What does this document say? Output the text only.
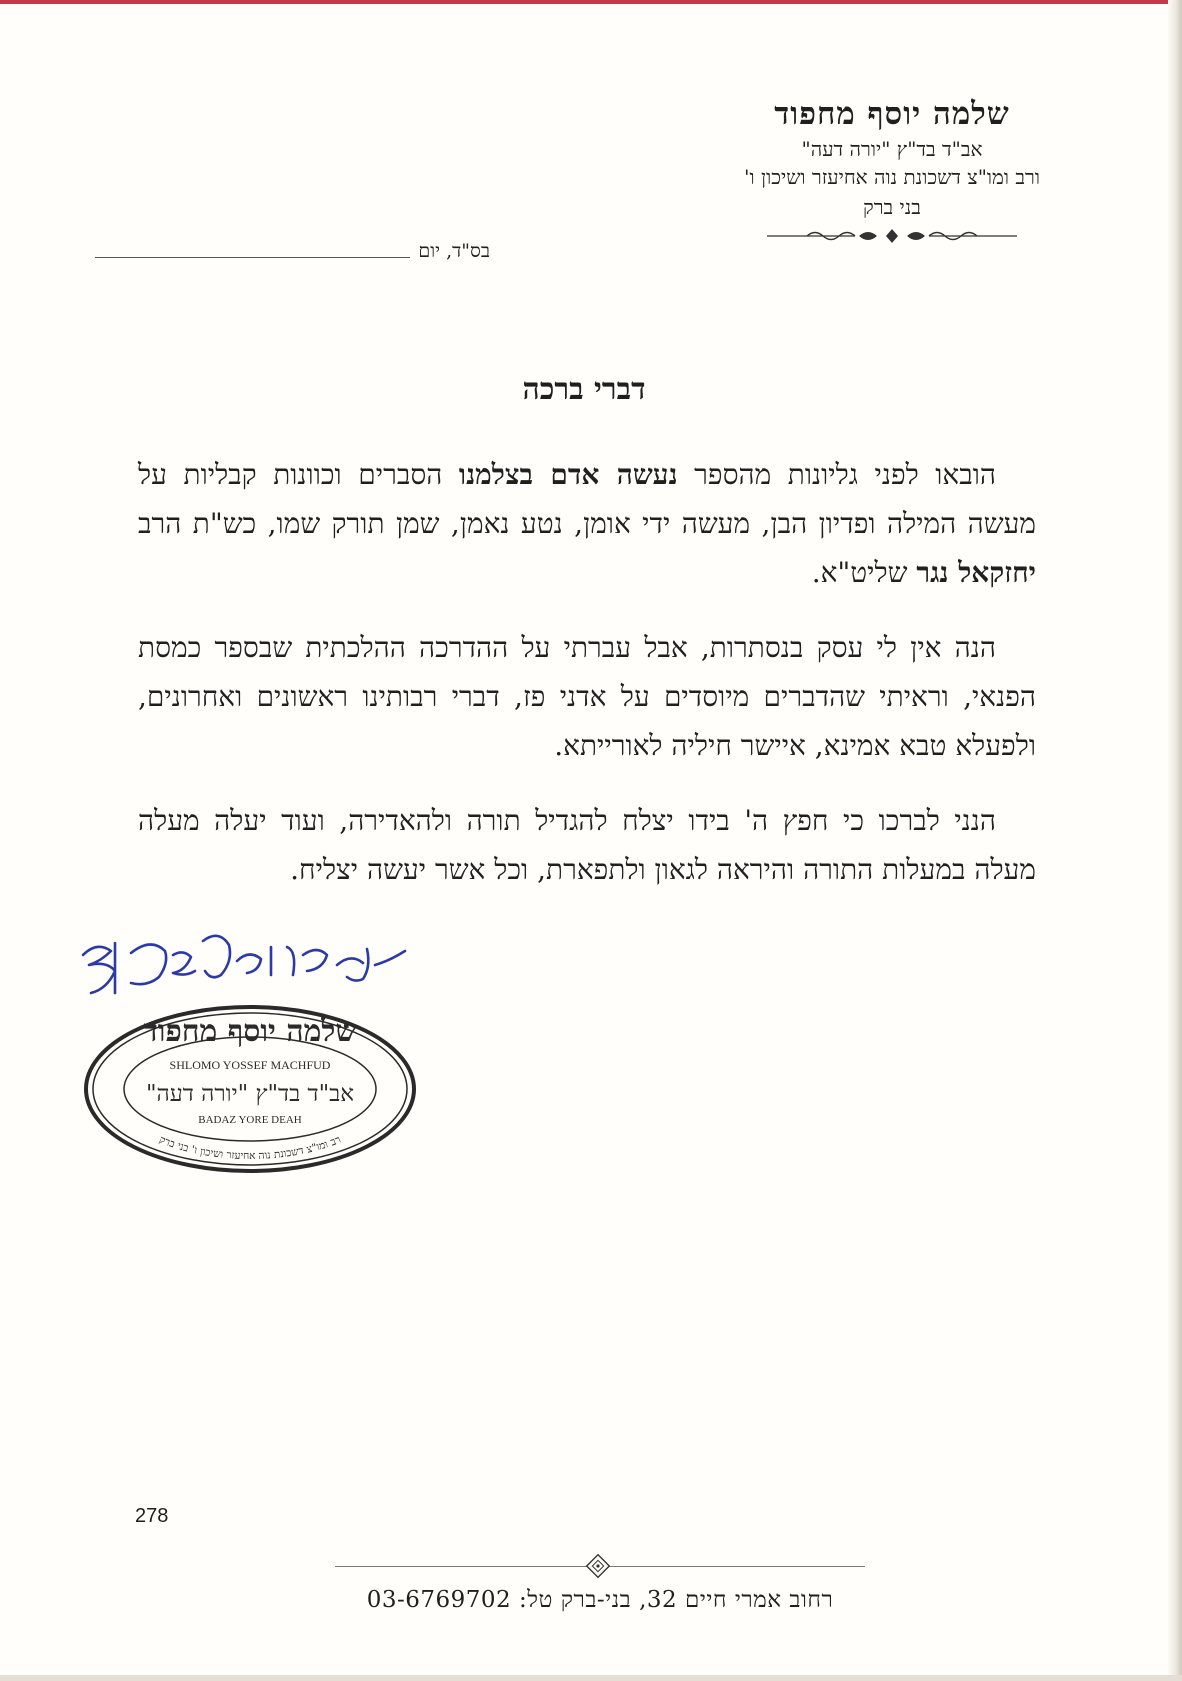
שלמה יוסף מחפוד

אב"ד בד"ץ "יורה דעה"

ורב ומו"צ דשכונת נוה אחיעזר ושיכון ו'

בני ברק

בס"ד, יום
דברי ברכה

הובאו לפני גליונות מהספר נעשה אדם בצלמנו הסברים וכוונות קבליות על מעשה המילה ופדיון הבן, מעשה ידי אומן, נטע נאמן, שמן תורק שמו, כש"ת הרב יחזקאל נגר שליט"א.

הנה אין לי עסק בנסתרות, אבל עברתי על ההדרכה ההלכתית שבספר כמסת הפנאי, וראיתי שהדברים מיוסדים על אדני פז, דברי רבותינו ראשונים ואחרונים, ולפעלא טבא אמינא, איישר חיליה לאורייתא.

הנני לברכו כי חפץ ה' בידו יצלח להגדיל תורה ולהאדירה, ועוד יעלה מעלה מעלה במעלות התורה והיראה לגאון ולתפארת, וכל אשר יעשה יצליח.

שלמה יוסף מחפוד
SHLOMO YOSSEF MACHFUD
אב"ד בד"ץ "יורה דעה"
BADAZ YORE DEAH
רב ומו"צ דשכונת נוה אחיעזר ושיכון ו' בני ברק
278
רחוב אמרי חיים 32, בני-ברק טל: 03-6769702
